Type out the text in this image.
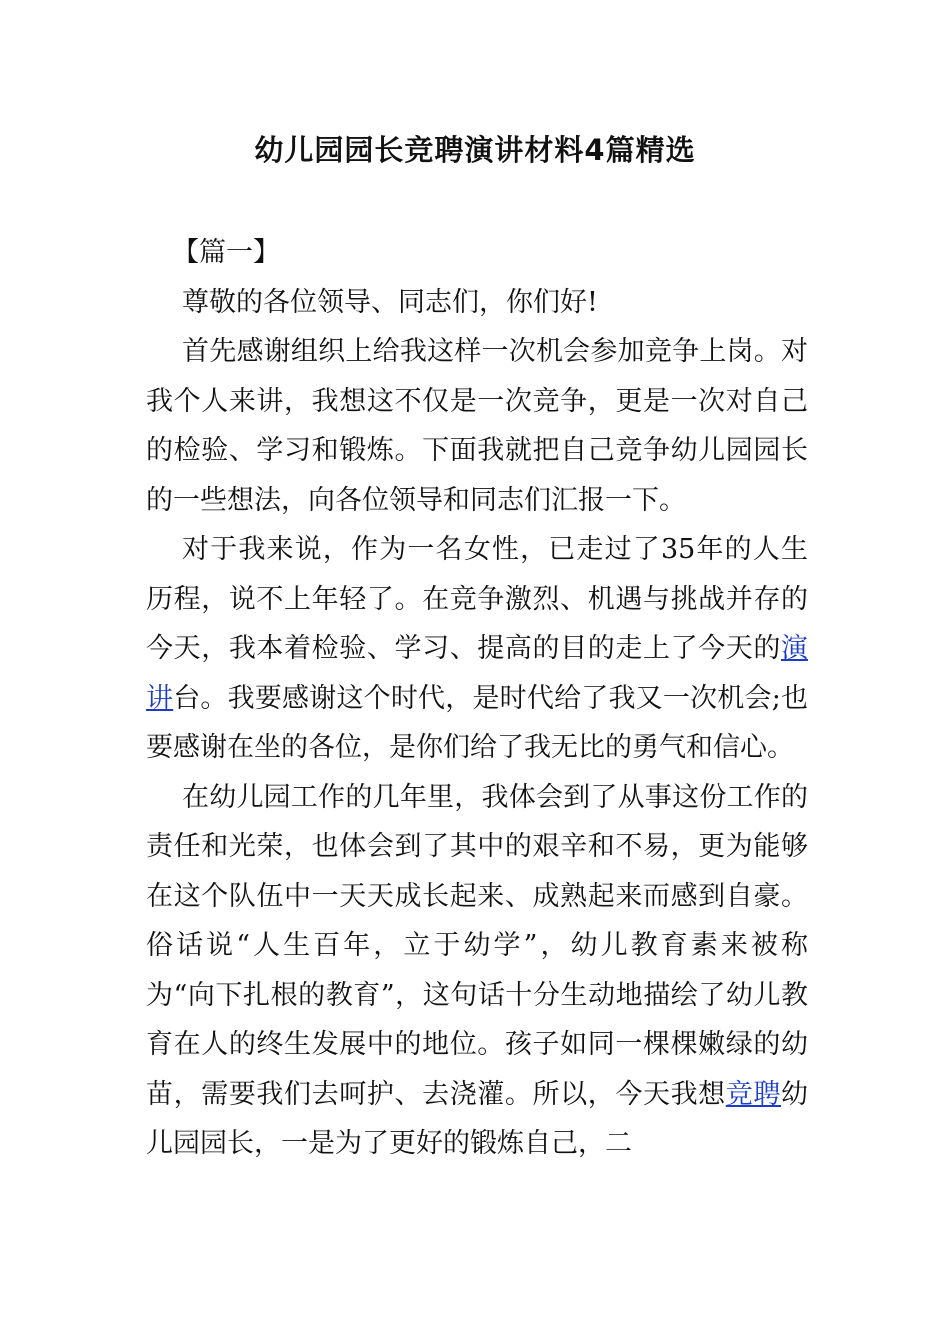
幼儿园园长竞聘演讲材料4篇精选

【篇一】

尊敬的各位领导、同志们，你们好!

首先感谢组织上给我这样一次机会参加竞争上岗。对我个人来讲，我想这不仅是一次竞争，更是一次对自己的检验、学习和锻炼。下面我就把自己竞争幼儿园园长的一些想法，向各位领导和同志们汇报一下。

对于我来说，作为一名女性，已走过了35年的人生历程，说不上年轻了。在竞争激烈、机遇与挑战并存的今天，我本着检验、学习、提高的目的走上了今天的演讲台。我要感谢这个时代，是时代给了我又一次机会;也要感谢在坐的各位，是你们给了我无比的勇气和信心。

在幼儿园工作的几年里，我体会到了从事这份工作的责任和光荣，也体会到了其中的艰辛和不易，更为能够在这个队伍中一天天成长起来、成熟起来而感到自豪。俗话说“人生百年，立于幼学”，幼儿教育素来被称为“向下扎根的教育”，这句话十分生动地描绘了幼儿教育在人的终生发展中的地位。孩子如同一棵棵嫩绿的幼苗，需要我们去呵护、去浇灌。所以，今天我想竞聘幼儿园园长，一是为了更好的锻炼自己，二
